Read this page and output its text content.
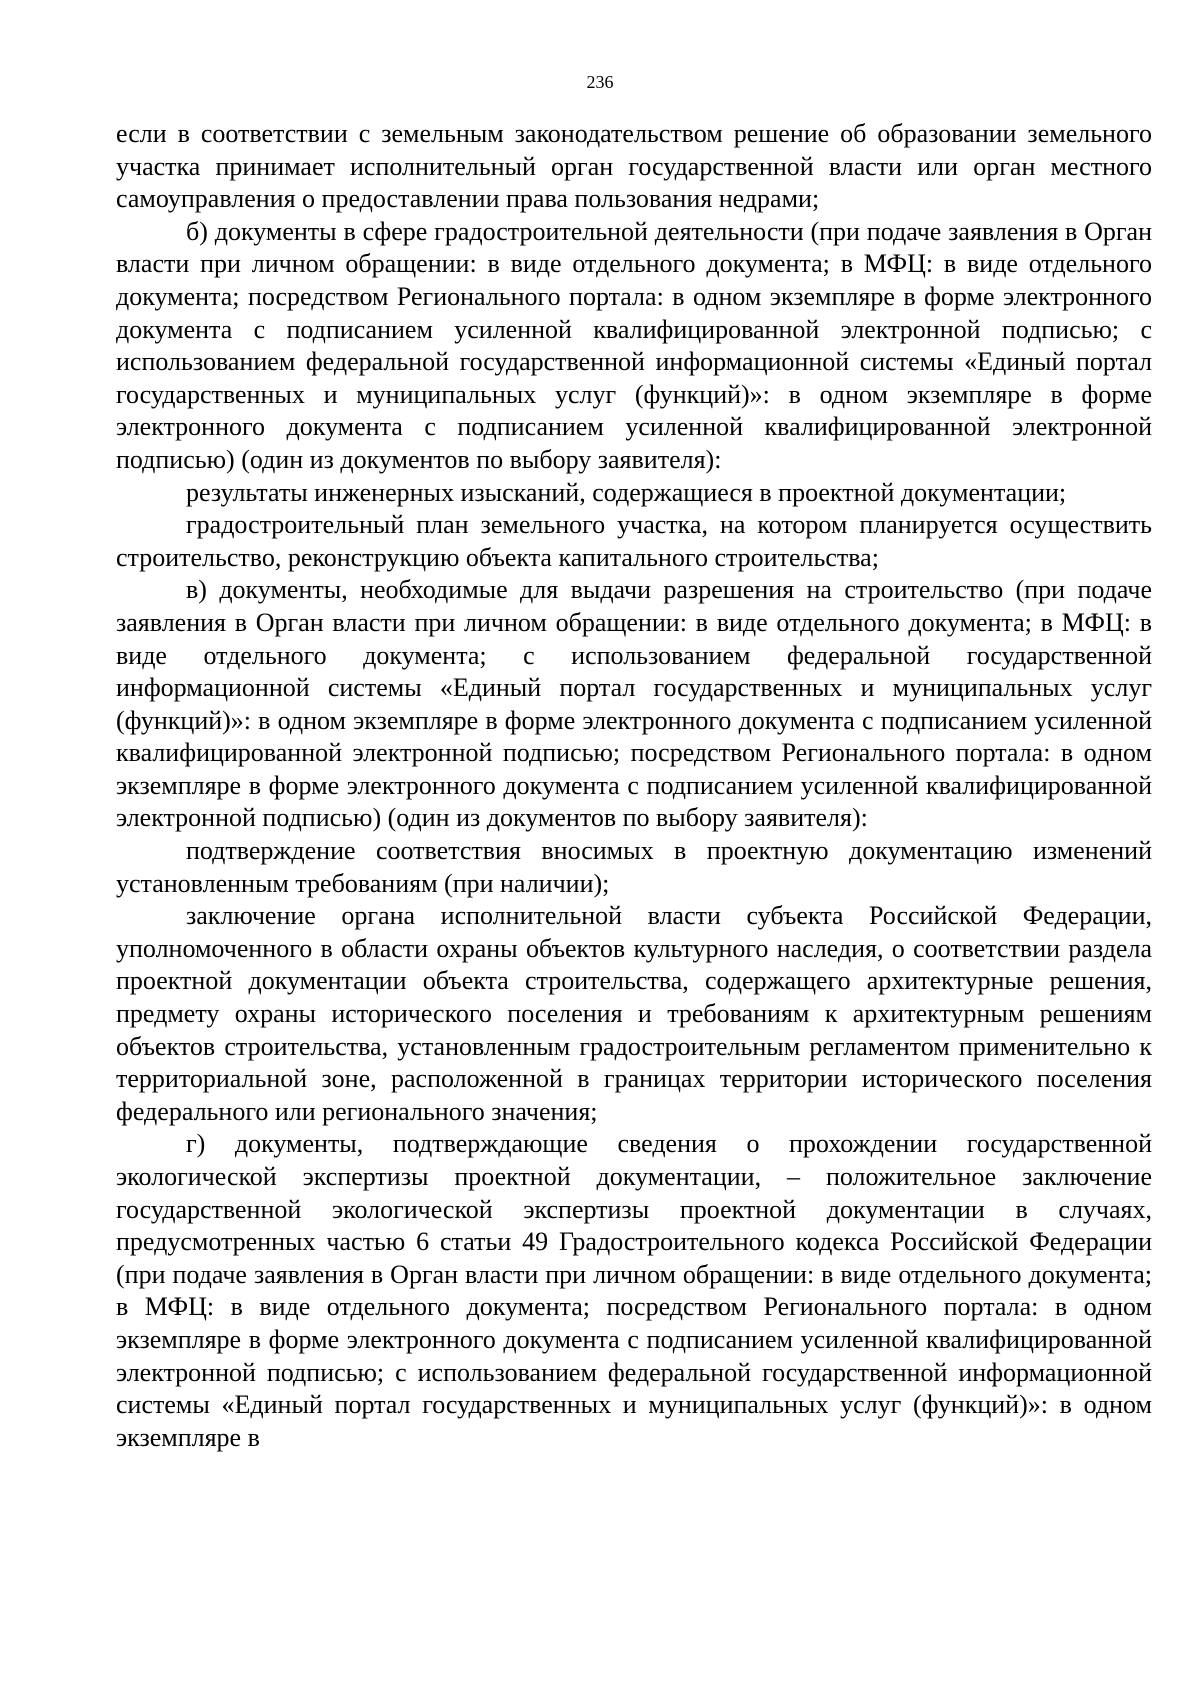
236

если в соответствии с земельным законодательством решение об образовании земельного участка принимает исполнительный орган государственной власти или орган местного самоуправления о предоставлении права пользования недрами;

б) документы в сфере градостроительной деятельности (при подаче заявления в Орган власти при личном обращении: в виде отдельного документа; в МФЦ: в виде отдельного документа; посредством Регионального портала: в одном экземпляре в форме электронного документа с подписанием усиленной квалифицированной электронной подписью; с использованием федеральной государственной информационной системы «Единый портал государственных и муниципальных услуг (функций)»: в одном экземпляре в форме электронного документа с подписанием усиленной квалифицированной электронной подписью) (один из документов по выбору заявителя):

результаты инженерных изысканий, содержащиеся в проектной документации;

градостроительный план земельного участка, на котором планируется осуществить строительство, реконструкцию объекта капитального строительства;

в) документы, необходимые для выдачи разрешения на строительство (при подаче заявления в Орган власти при личном обращении: в виде отдельного документа; в МФЦ: в виде отдельного документа; с использованием федеральной государственной информационной системы «Единый портал государственных и муниципальных услуг (функций)»: в одном экземпляре в форме электронного документа с подписанием усиленной квалифицированной электронной подписью; посредством Регионального портала: в одном экземпляре в форме электронного документа с подписанием усиленной квалифицированной электронной подписью) (один из документов по выбору заявителя):

подтверждение соответствия вносимых в проектную документацию изменений установленным требованиям (при наличии);

заключение органа исполнительной власти субъекта Российской Федерации, уполномоченного в области охраны объектов культурного наследия, о соответствии раздела проектной документации объекта строительства, содержащего архитектурные решения, предмету охраны исторического поселения и требованиям к архитектурным решениям объектов строительства, установленным градостроительным регламентом применительно к территориальной зоне, расположенной в границах территории исторического поселения федерального или регионального значения;

г) документы, подтверждающие сведения о прохождении государственной экологической экспертизы проектной документации, – положительное заключение государственной экологической экспертизы проектной документации в случаях, предусмотренных частью 6 статьи 49 Градостроительного кодекса Российской Федерации (при подаче заявления в Орган власти при личном обращении: в виде отдельного документа; в МФЦ: в виде отдельного документа; посредством Регионального портала: в одном экземпляре в форме электронного документа с подписанием усиленной квалифицированной электронной подписью; с использованием федеральной государственной информационной системы «Единый портал государственных и муниципальных услуг (функций)»: в одном экземпляре в
